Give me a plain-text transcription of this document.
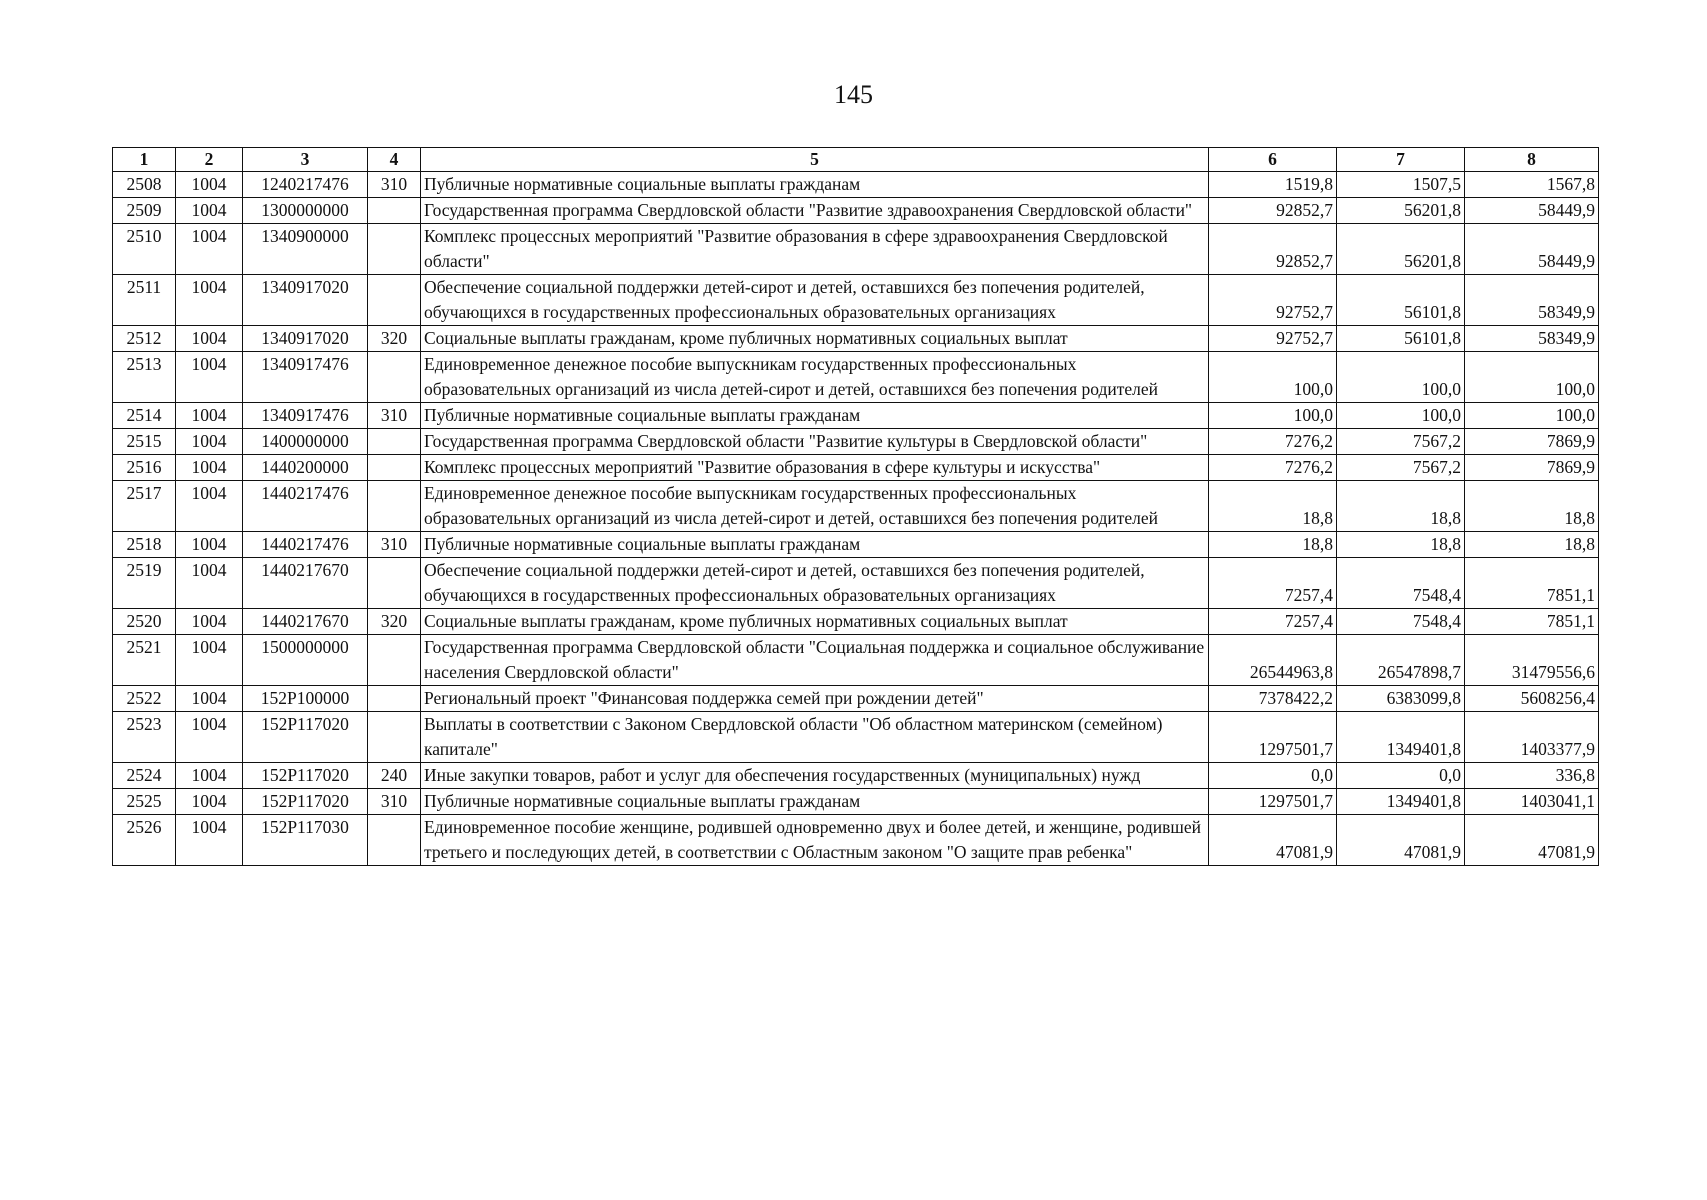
145
1	2	3	4	5	6	7	8
2508	1004	1240217476	310	Публичные нормативные социальные выплаты гражданам	1519,8	1507,5	1567,8
2509	1004	1300000000		Государственная программа Свердловской области "Развитие здравоохранения Свердловской области"	92852,7	56201,8	58449,9
2510	1004	1340900000		Комплекс процессных мероприятий "Развитие образования в сфере здравоохранения Свердловской области"	92852,7	56201,8	58449,9
2511	1004	1340917020		Обеспечение социальной поддержки детей-сирот и детей, оставшихся без попечения родителей, обучающихся в государственных профессиональных образовательных организациях	92752,7	56101,8	58349,9
2512	1004	1340917020	320	Социальные выплаты гражданам, кроме публичных нормативных социальных выплат	92752,7	56101,8	58349,9
2513	1004	1340917476		Единовременное денежное пособие выпускникам государственных профессиональных образовательных организаций из числа детей-сирот и детей, оставшихся без попечения родителей	100,0	100,0	100,0
2514	1004	1340917476	310	Публичные нормативные социальные выплаты гражданам	100,0	100,0	100,0
2515	1004	1400000000		Государственная программа Свердловской области "Развитие культуры в Свердловской области"	7276,2	7567,2	7869,9
2516	1004	1440200000		Комплекс процессных мероприятий "Развитие образования в сфере культуры и искусства"	7276,2	7567,2	7869,9
2517	1004	1440217476		Единовременное денежное пособие выпускникам государственных профессиональных образовательных организаций из числа детей-сирот и детей, оставшихся без попечения родителей	18,8	18,8	18,8
2518	1004	1440217476	310	Публичные нормативные социальные выплаты гражданам	18,8	18,8	18,8
2519	1004	1440217670		Обеспечение социальной поддержки детей-сирот и детей, оставшихся без попечения родителей, обучающихся в государственных профессиональных образовательных организациях	7257,4	7548,4	7851,1
2520	1004	1440217670	320	Социальные выплаты гражданам, кроме публичных нормативных социальных выплат	7257,4	7548,4	7851,1
2521	1004	1500000000		Государственная программа Свердловской области "Социальная поддержка и социальное обслуживание населения Свердловской области"	26544963,8	26547898,7	31479556,6
2522	1004	152P100000		Региональный проект "Финансовая поддержка семей при рождении детей"	7378422,2	6383099,8	5608256,4
2523	1004	152P117020		Выплаты в соответствии с Законом Свердловской области "Об областном материнском (семейном) капитале"	1297501,7	1349401,8	1403377,9
2524	1004	152P117020	240	Иные закупки товаров, работ и услуг для обеспечения государственных (муниципальных) нужд	0,0	0,0	336,8
2525	1004	152P117020	310	Публичные нормативные социальные выплаты гражданам	1297501,7	1349401,8	1403041,1
2526	1004	152P117030		Единовременное пособие женщине, родившей одновременно двух и более детей, и женщине, родившей третьего и последующих детей, в соответствии с Областным законом "О защите прав ребенка"	47081,9	47081,9	47081,9
